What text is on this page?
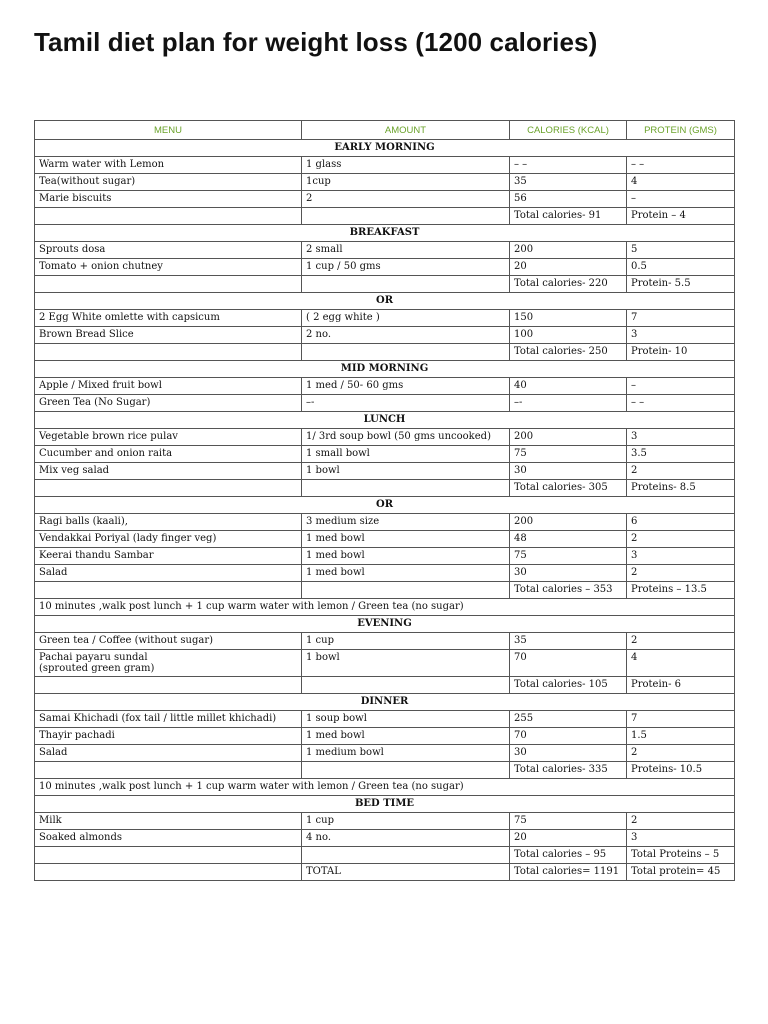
Tamil diet plan for weight loss (1200 calories)
MENU	AMOUNT	CALORIES (KCAL)	PROTEIN (GMS)
EARLY MORNING			
Warm water with Lemon	1 glass	– –	– –
Tea(without sugar)	1cup	35	4
Marie biscuits	2	56	–
		Total calories- 91	Protein – 4
BREAKFAST			
Sprouts dosa	2 small	200	5
Tomato + onion chutney	1 cup / 50 gms	20	0.5
		Total calories- 220	Protein- 5.5
OR			
2 Egg White omlette with capsicum	( 2 egg white )	150	7
Brown Bread Slice	2 no.	100	3
		Total calories- 250	Protein- 10
MID MORNING			
Apple / Mixed fruit bowl	1 med / 50- 60 gms	40	–
Green Tea (No Sugar)	–-	–-	– –
LUNCH			
Vegetable brown rice pulav	1/ 3rd soup bowl (50 gms uncooked)	200	3
Cucumber and onion raita	1 small bowl	75	3.5
Mix veg salad	1 bowl	30	2
		Total calories- 305	Proteins- 8.5
OR			
Ragi balls (kaali),	3 medium size	200	6
Vendakkai Poriyal (lady finger veg)	1 med bowl	48	2
Keerai thandu Sambar	1 med bowl	75	3
Salad	1 med bowl	30	2
		Total calories – 353	Proteins – 13.5
10 minutes ,walk post lunch + 1 cup warm water with lemon / Green tea (no sugar)			
EVENING			
Green tea / Coffee (without sugar)	1 cup	35	2

Pachai payaru sundal
(sprouted green gram)	1 bowl	70	4
		Total calories- 105	Protein- 6
DINNER			
Samai Khichadi (fox tail / little millet khichadi)	1 soup bowl	255	7
Thayir pachadi	1 med bowl	70	1.5
Salad	1 medium bowl	30	2
		Total calories- 335	Proteins- 10.5
10 minutes ,walk post lunch + 1 cup warm water with lemon / Green tea (no sugar)			
BED TIME			
Milk	1 cup	75	2
Soaked almonds	4 no.	20	3
		Total calories – 95	Total Proteins – 5
	TOTAL	Total calories= 1191	Total protein= 45
